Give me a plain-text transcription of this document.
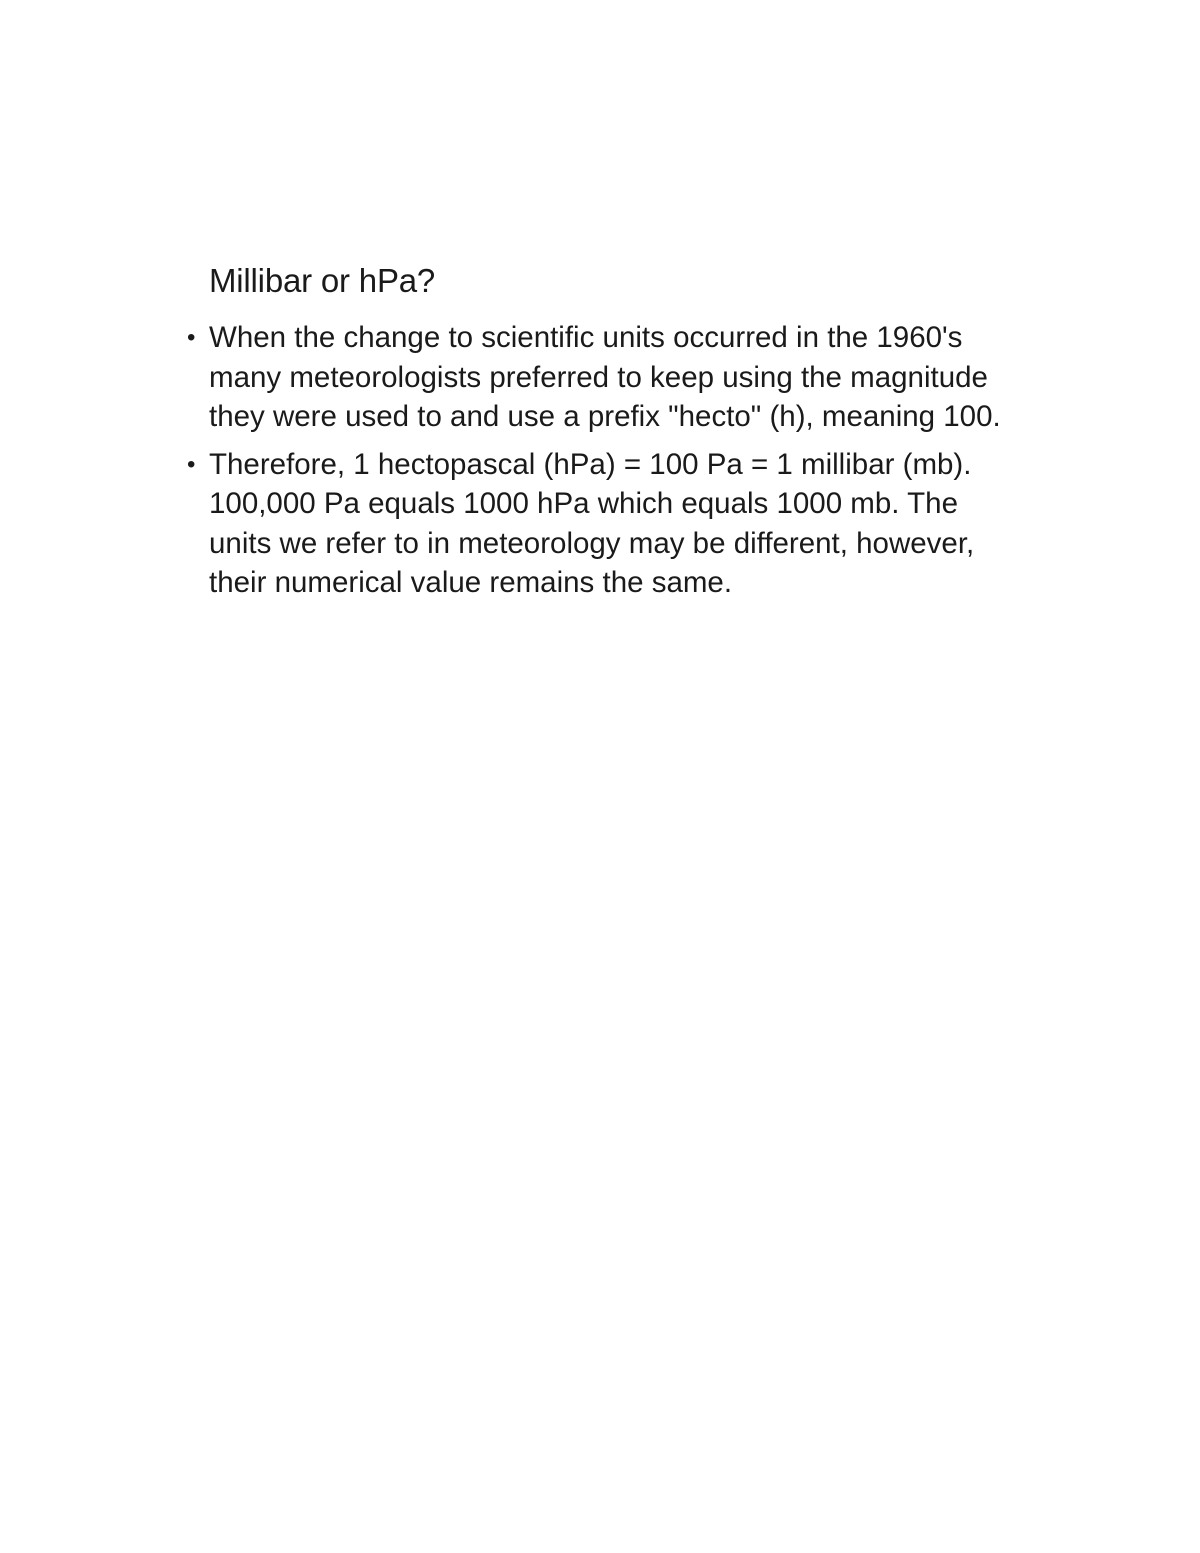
Millibar or hPa?
• When the change to scientific units occurred in the 1960's many meteorologists preferred to keep using the magnitude they were used to and use a prefix "hecto" (h), meaning 100.
• Therefore, 1 hectopascal (hPa) = 100 Pa = 1 millibar (mb). 100,000 Pa equals 1000 hPa which equals 1000 mb. The units we refer to in meteorology may be different, however, their numerical value remains the same.
